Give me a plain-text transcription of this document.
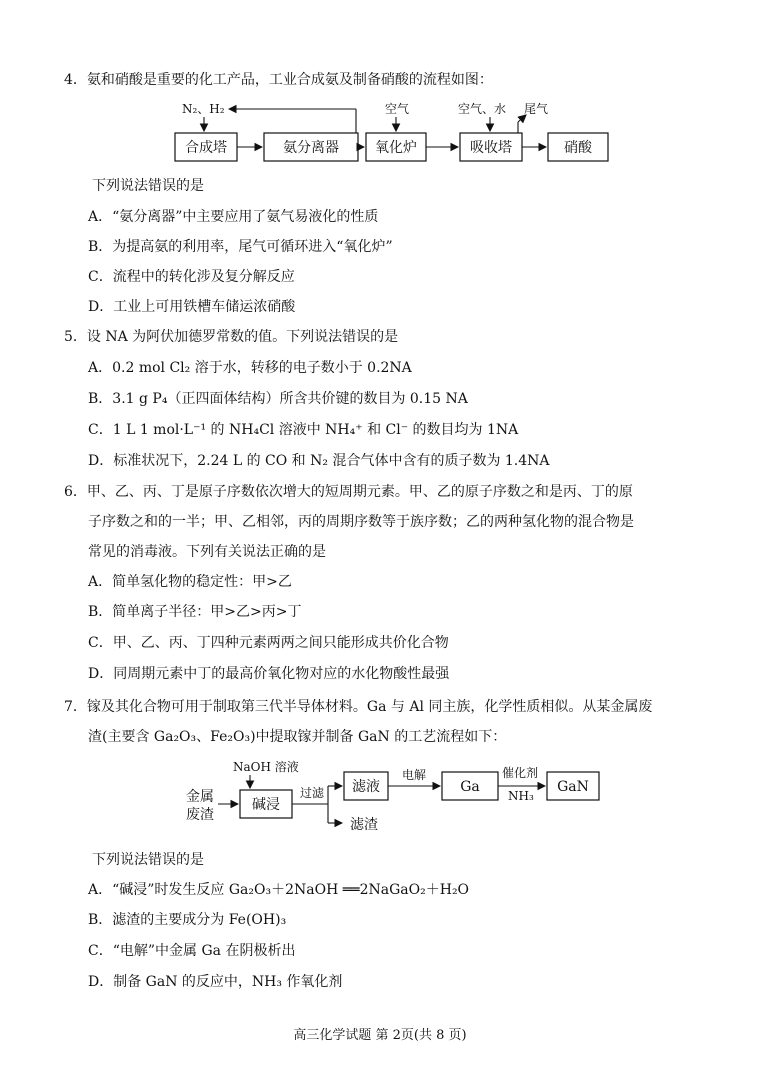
4．氨和硝酸是重要的化工产品，工业合成氨及制备硝酸的流程如图：
N₂、H₂
合成塔	氨分离器
空气
氧化炉
空气、水 尾气
吸收塔	硝酸
下列说法错误的是
A．“氨分离器”中主要应用了氨气易液化的性质
B．为提高氨的利用率，尾气可循环进入“氧化炉”
C．流程中的转化涉及复分解反应
D．工业上可用铁槽车储运浓硝酸
5．设 NA 为阿伏加德罗常数的值。下列说法错误的是
A．0.2 mol Cl₂ 溶于水，转移的电子数小于 0.2NA
B．3.1 g P₄（正四面体结构）所含共价键的数目为 0.15 NA
C．1 L 1 mol·L⁻¹ 的 NH₄Cl 溶液中 NH₄⁺ 和 Cl⁻ 的数目均为 1NA
D．标准状况下，2.24 L 的 CO 和 N₂ 混合气体中含有的质子数为 1.4NA
6．甲、乙、丙、丁是原子序数依次增大的短周期元素。甲、乙的原子序数之和是丙、丁的原
子序数之和的一半；甲、乙相邻，丙的周期序数等于族序数；乙的两种氢化物的混合物是
常见的消毒液。下列有关说法正确的是
A．简单氢化物的稳定性：甲>乙
B．简单离子半径：甲>乙>丙>丁
C．甲、乙、丙、丁四种元素两两之间只能形成共价化合物
D．同周期元素中丁的最高价氧化物对应的水化物酸性最强
7．镓及其化合物可用于制取第三代半导体材料。Ga 与 Al 同主族，化学性质相似。从某金属废
渣(主要含 Ga₂O₃、Fe₂O₃)中提取镓并制备 GaN 的工艺流程如下：
NaOH 溶液
金属
废渣
碱浸
过滤
滤渣
滤液
电解
Ga
催化剂
NH₃
GaN
下列说法错误的是
A．“碱浸”时发生反应 Ga₂O₃＋2NaOH ══2NaGaO₂＋H₂O
B．滤渣的主要成分为 Fe(OH)₃
C．“电解”中金属 Ga 在阴极析出
D．制备 GaN 的反应中，NH₃ 作氧化剂
高三化学试题 第 2页(共 8 页)
